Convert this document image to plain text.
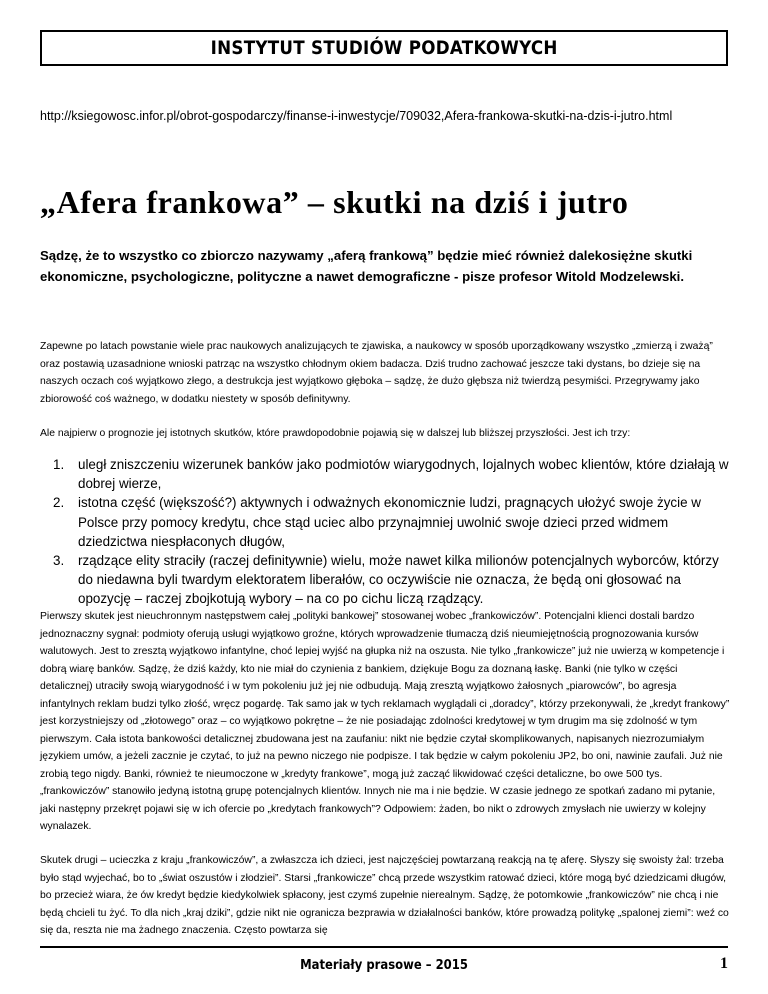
INSTYTUT STUDIÓW PODATKOWYCH
http://ksiegowosc.infor.pl/obrot-gospodarczy/finanse-i-inwestycje/709032,Afera-frankowa-skutki-na-dzis-i-jutro.html
„Afera frankowa” – skutki na dziś i jutro
Sądzę, że to wszystko co zbiorczo nazywamy „aferą frankową” będzie mieć również dalekosiężne skutki ekonomiczne, psychologiczne, polityczne a nawet demograficzne - pisze profesor Witold Modzelewski.

Zapewne po latach powstanie wiele prac naukowych analizujących te zjawiska, a naukowcy w sposób uporządkowany wszystko „zmierzą i zważą” oraz postawią uzasadnione wnioski patrząc na wszystko chłodnym okiem badacza. Dziś trudno zachować jeszcze taki dystans, bo dzieje się na naszych oczach coś wyjątkowo złego, a destrukcja jest wyjątkowo głęboka – sądzę, że dużo głębsza niż twierdzą pesymiści. Przegrywamy jako zbiorowość coś ważnego, w dodatku niestety w sposób definitywny.

Ale najpierw o prognozie jej istotnych skutków, które prawdopodobnie pojawią się w dalszej lub bliższej przyszłości. Jest ich trzy:

1. uległ zniszczeniu wizerunek banków jako podmiotów wiarygodnych, lojalnych wobec klientów, które działają w dobrej wierze,
2. istotna część (większość?) aktywnych i odważnych ekonomicznie ludzi, pragnących ułożyć swoje życie w Polsce przy pomocy kredytu, chce stąd uciec albo przynajmniej uwolnić swoje dzieci przed widmem dziedzictwa niespłaconych długów,
3. rządzące elity straciły (raczej definitywnie) wielu, może nawet kilka milionów potencjalnych wyborców, którzy do niedawna byli twardym elektoratem liberałów, co oczywiście nie oznacza, że będą oni głosować na opozycję – raczej zbojkotują wybory – na co po cichu liczą rządzący.

Pierwszy skutek jest nieuchronnym następstwem całej „polityki bankowej” stosowanej wobec „frankowiczów”. Potencjalni klienci dostali bardzo jednoznaczny sygnał: podmioty oferują usługi wyjątkowo groźne, których wprowadzenie tłumaczą dziś nieumiejętnością prognozowania kursów walutowych. Jest to zresztą wyjątkowo infantylne, choć lepiej wyjść na głupka niż na oszusta. Nie tylko „frankowicze” już nie uwierzą w kompetencje i dobrą wiarę banków. Sądzę, że dziś każdy, kto nie miał do czynienia z bankiem, dziękuje Bogu za doznaną łaskę. Banki (nie tylko w części detalicznej) utraciły swoją wiarygodność i w tym pokoleniu już jej nie odbudują. Mają zresztą wyjątkowo żałosnych „piarowców”, bo agresja infantylnych reklam budzi tylko złość, wręcz pogardę. Tak samo jak w tych reklamach wyglądali ci „doradcy”, którzy przekonywali, że „kredyt frankowy” jest korzystniejszy od „złotowego” oraz – co wyjątkowo pokrętne – że nie posiadając zdolności kredytowej w tym drugim ma się zdolność w tym pierwszym. Cała istota bankowości detalicznej zbudowana jest na zaufaniu: nikt nie będzie czytał skomplikowanych, napisanych niezrozumiałym językiem umów, a jeżeli zacznie je czytać, to już na pewno niczego nie podpisze. I tak będzie w całym pokoleniu JP2, bo oni, nawinie zaufali. Już nie zrobią tego nigdy. Banki, również te nieumoczone w „kredyty frankowe”, mogą już zacząć likwidować części detaliczne, bo owe 500 tys. „frankowiczów” stanowiło jedyną istotną grupę potencjalnych klientów. Innych nie ma i nie będzie. W czasie jednego ze spotkań zadano mi pytanie, jaki następny przekręt pojawi się w ich ofercie po „kredytach frankowych”? Odpowiem: żaden, bo nikt o zdrowych zmysłach nie uwierzy w kolejny wynalazek.

Skutek drugi – ucieczka z kraju „frankowiczów”, a zwłaszcza ich dzieci, jest najczęściej powtarzaną reakcją na tę aferę. Słyszy się swoisty żal: trzeba było stąd wyjechać, bo to „świat oszustów i złodziei”. Starsi „frankowicze” chcą przede wszystkim ratować dzieci, które mogą być dziedzicami długów, bo przecież wiara, że ów kredyt będzie kiedykolwiek spłacony, jest czymś zupełnie nierealnym. Sądzę, że potomkowie „frankowiczów” nie chcą i nie będą chcieli tu żyć. To dla nich „kraj dziki”, gdzie nikt nie ogranicza bezprawia w działalności banków, które prowadzą politykę „spalonej ziemi”: weź co się da, reszta nie ma żadnego znaczenia. Często powtarza się

Materiały prasowe – 2015	1
